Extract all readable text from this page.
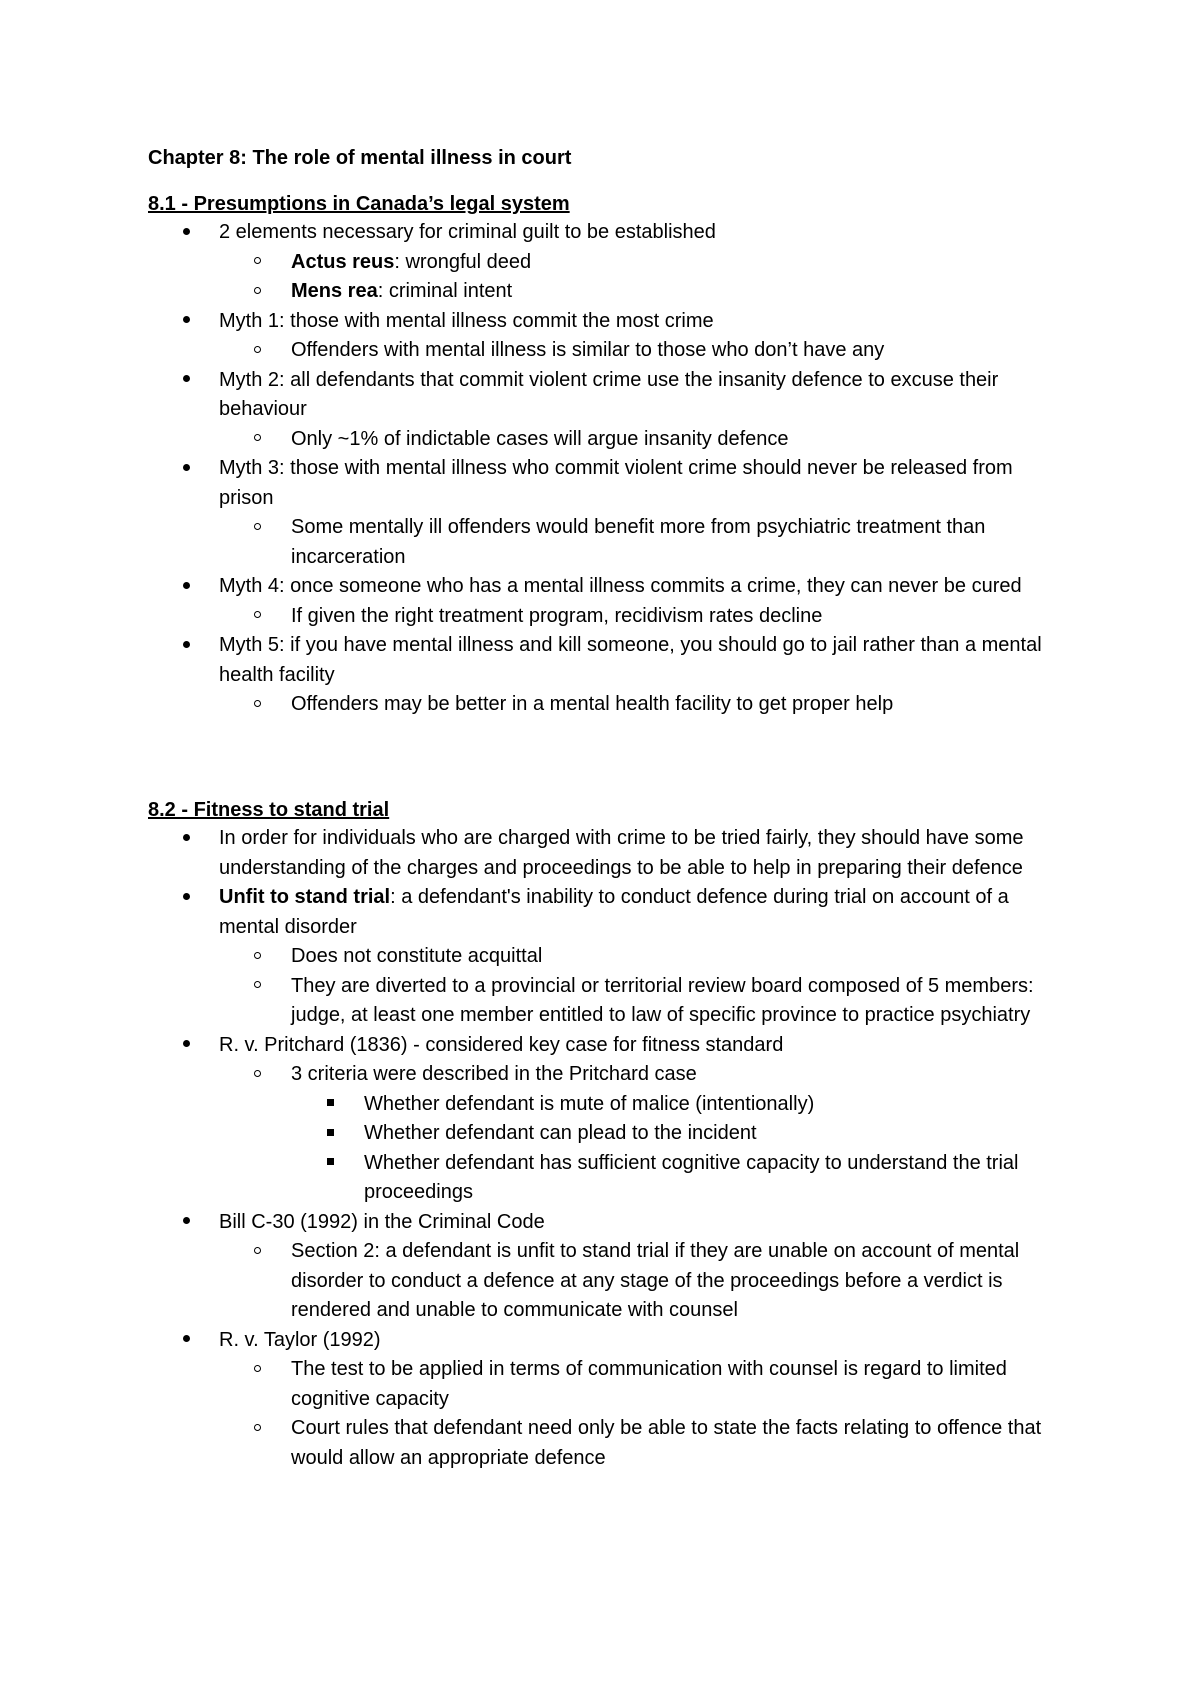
Chapter 8: The role of mental illness in court
8.1 - Presumptions in Canada’s legal system
2 elements necessary for criminal guilt to be established
Actus reus: wrongful deed
Mens rea: criminal intent
Myth 1: those with mental illness commit the most crime
Offenders with mental illness is similar to those who don’t have any
Myth 2: all defendants that commit violent crime use the insanity defence to excuse their behaviour
Only ~1% of indictable cases will argue insanity defence
Myth 3: those with mental illness who commit violent crime should never be released from prison
Some mentally ill offenders would benefit more from psychiatric treatment than incarceration
Myth 4: once someone who has a mental illness commits a crime, they can never be cured
If given the right treatment program, recidivism rates decline
Myth 5: if you have mental illness and kill someone, you should go to jail rather than a mental health facility
Offenders may be better in a mental health facility to get proper help
8.2 - Fitness to stand trial
In order for individuals who are charged with crime to be tried fairly, they should have some understanding of the charges and proceedings to be able to help in preparing their defence
Unfit to stand trial: a defendant's inability to conduct defence during trial on account of a mental disorder
Does not constitute acquittal
They are diverted to a provincial or territorial review board composed of 5 members: judge, at least one member entitled to law of specific province to practice psychiatry
R. v. Pritchard (1836) - considered key case for fitness standard
3 criteria were described in the Pritchard case
Whether defendant is mute of malice (intentionally)
Whether defendant can plead to the incident
Whether defendant has sufficient cognitive capacity to understand the trial proceedings
Bill C-30 (1992) in the Criminal Code
Section 2: a defendant is unfit to stand trial if they are unable on account of mental disorder to conduct a defence at any stage of the proceedings before a verdict is rendered and unable to communicate with counsel
R. v. Taylor (1992)
The test to be applied in terms of communication with counsel is regard to limited cognitive capacity
Court rules that defendant need only be able to state the facts relating to offence that would allow an appropriate defence
